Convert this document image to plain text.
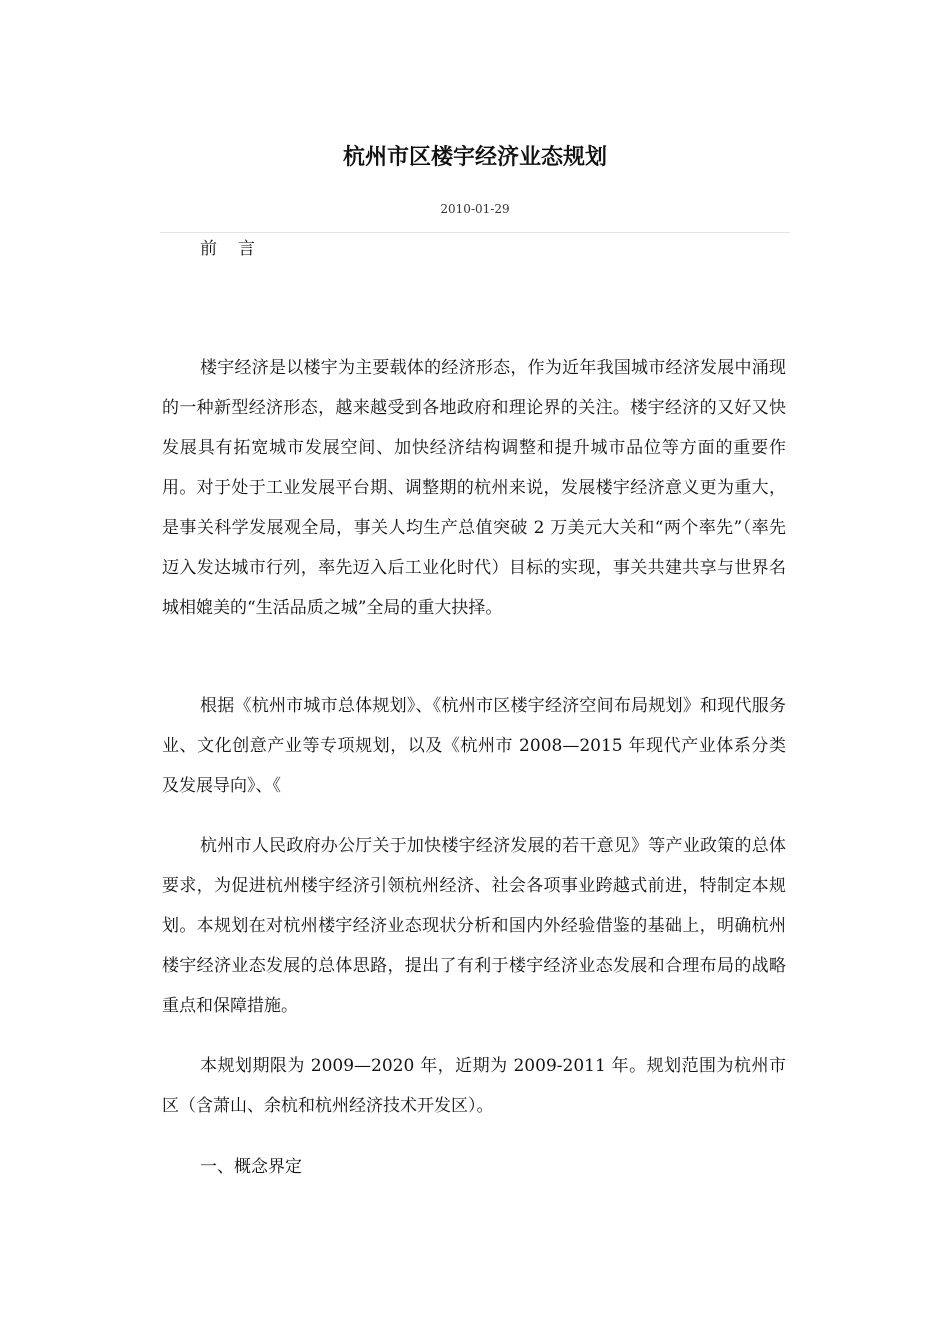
杭州市区楼宇经济业态规划
2010-01-29
前言

楼宇经济是以楼宇为主要载体的经济形态，作为近年我国城市经济发展中涌现的一种新型经济形态，越来越受到各地政府和理论界的关注。楼宇经济的又好又快发展具有拓宽城市发展空间、加快经济结构调整和提升城市品位等方面的重要作用。对于处于工业发展平台期、调整期的杭州来说，发展楼宇经济意义更为重大，是事关科学发展观全局，事关人均生产总值突破 2 万美元大关和“两个率先”（率先迈入发达城市行列，率先迈入后工业化时代）目标的实现，事关共建共享与世界名城相媲美的“生活品质之城”全局的重大抉择。

根据《杭州市城市总体规划》、《杭州市区楼宇经济空间布局规划》和现代服务业、文化创意产业等专项规划，以及《杭州市 2008—2015 年现代产业体系分类及发展导向》、《

杭州市人民政府办公厅关于加快楼宇经济发展的若干意见》等产业政策的总体要求，为促进杭州楼宇经济引领杭州经济、社会各项事业跨越式前进，特制定本规划。本规划在对杭州楼宇经济业态现状分析和国内外经验借鉴的基础上，明确杭州楼宇经济业态发展的总体思路，提出了有利于楼宇经济业态发展和合理布局的战略重点和保障措施。

本规划期限为 2009—2020 年，近期为 2009-2011 年。规划范围为杭州市区（含萧山、余杭和杭州经济技术开发区）。

一、概念界定
